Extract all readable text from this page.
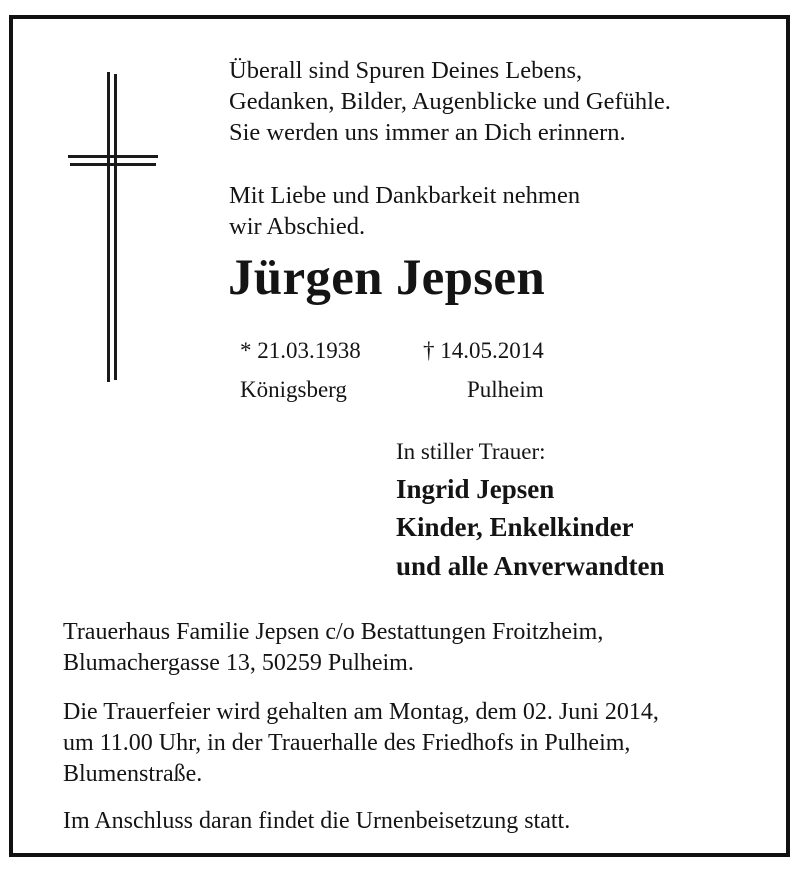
Überall sind Spuren Deines Lebens,
Gedanken, Bilder, Augenblicke und Gefühle.
Sie werden uns immer an Dich erinnern.
Mit Liebe und Dankbarkeit nehmen
wir Abschied.
Jürgen Jepsen
* 21.03.1938	† 14.05.2014
Königsberg	Pulheim
In stiller Trauer:
Ingrid Jepsen
Kinder, Enkelkinder
und alle Anverwandten
Trauerhaus Familie Jepsen c/o Bestattungen Froitzheim,
Blumachergasse 13, 50259 Pulheim.
Die Trauerfeier wird gehalten am Montag, dem 02. Juni 2014,
um 11.00 Uhr, in der Trauerhalle des Friedhofs in Pulheim,
Blumenstraße.
Im Anschluss daran findet die Urnenbeisetzung statt.
